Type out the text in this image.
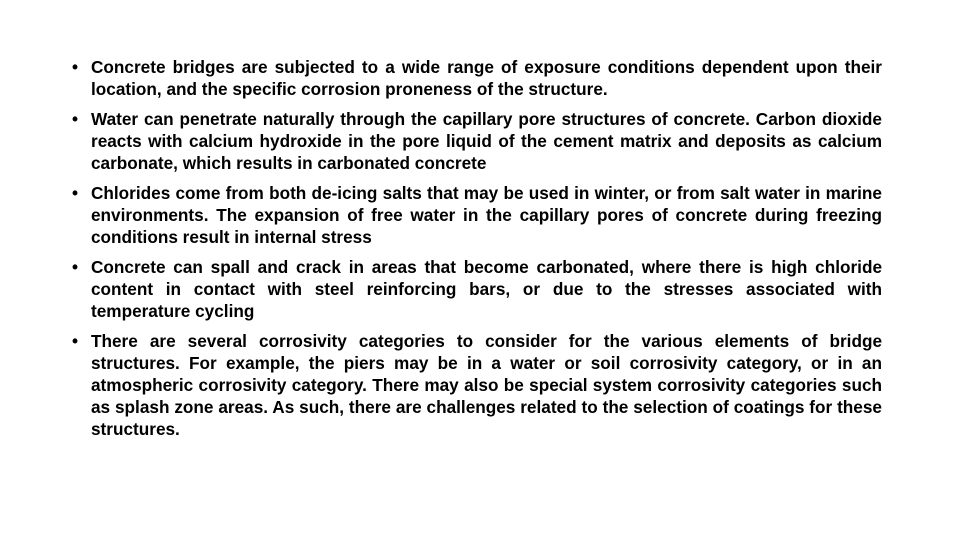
• Concrete bridges are subjected to a wide range of exposure conditions dependent upon their location, and the specific corrosion proneness of the structure.
• Water can penetrate naturally through the capillary pore structures of concrete. Carbon dioxide reacts with calcium hydroxide in the pore liquid of the cement matrix and deposits as calcium carbonate, which results in carbonated concrete
• Chlorides come from both de-icing salts that may be used in winter, or from salt water in marine environments. The expansion of free water in the capillary pores of concrete during freezing conditions result in internal stress
• Concrete can spall and crack in areas that become carbonated, where there is high chloride content in contact with steel reinforcing bars, or due to the stresses associated with temperature cycling
• There are several corrosivity categories to consider for the various elements of bridge structures. For example, the piers may be in a water or soil corrosivity category, or in an atmospheric corrosivity category. There may also be special system corrosivity categories such as splash zone areas. As such, there are challenges related to the selection of coatings for these structures.
